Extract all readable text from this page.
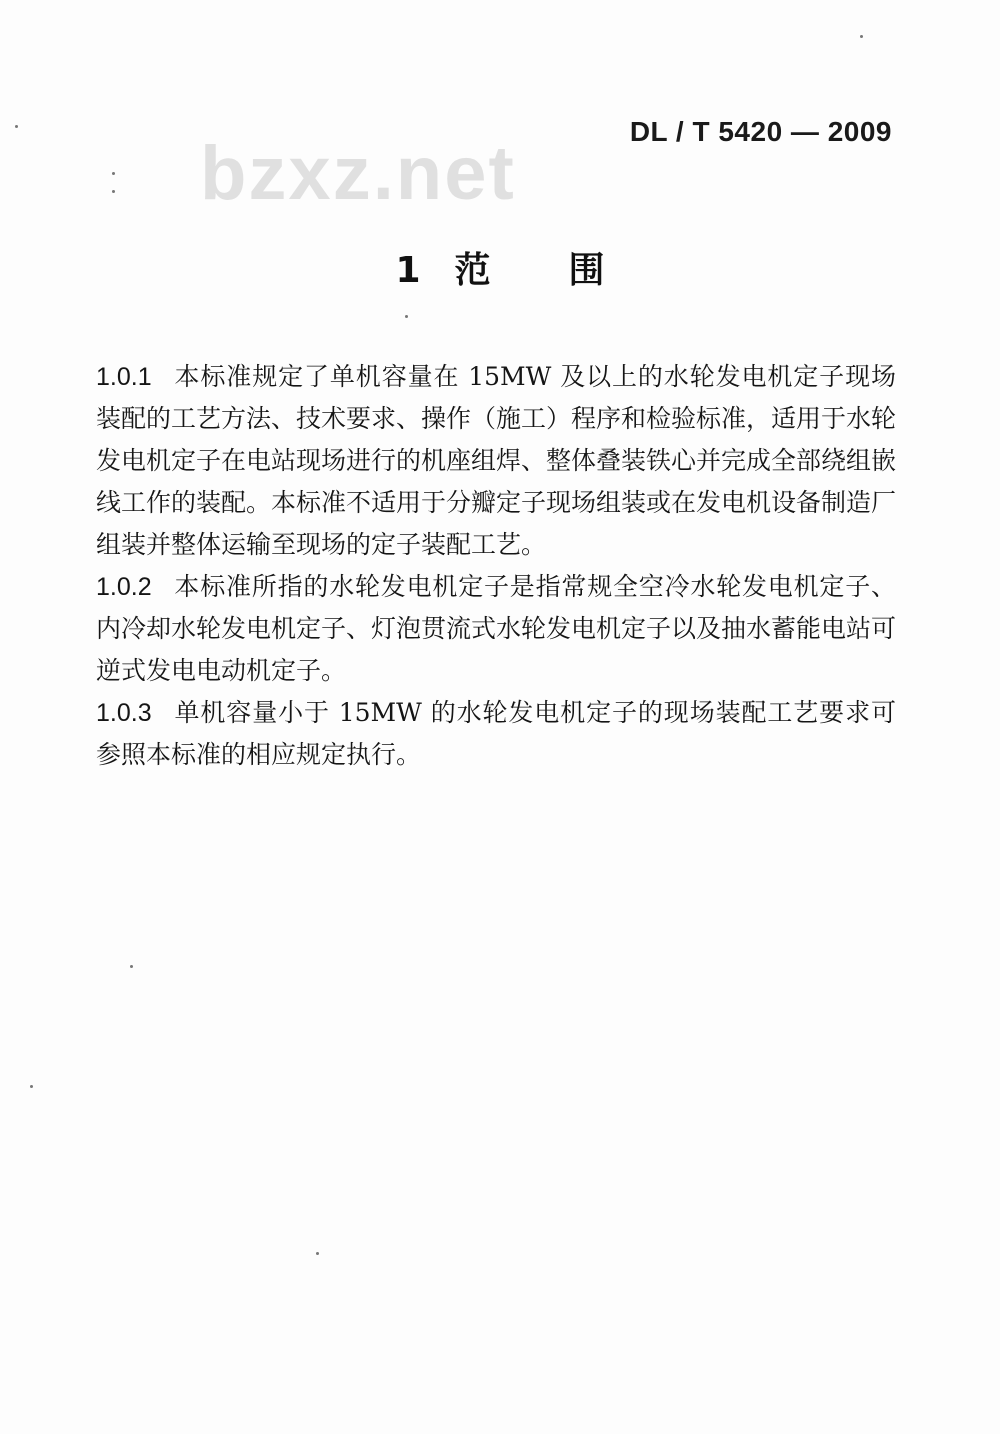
bzxz.net	DL / T 5420 — 2009
1 范 围

1.0.1 本标准规定了单机容量在 15MW 及以上的水轮发电机定子现场装配的工艺方法、技术要求、操作（施工）程序和检验标准，适用于水轮发电机定子在电站现场进行的机座组焊、整体叠装铁心并完成全部绕组嵌线工作的装配。本标准不适用于分瓣定子现场组装或在发电机设备制造厂组装并整体运输至现场的定子装配工艺。

1.0.2 本标准所指的水轮发电机定子是指常规全空冷水轮发电机定子、内冷却水轮发电机定子、灯泡贯流式水轮发电机定子以及抽水蓄能电站可逆式发电电动机定子。

1.0.3 单机容量小于 15MW 的水轮发电机定子的现场装配工艺要求可参照本标准的相应规定执行。
